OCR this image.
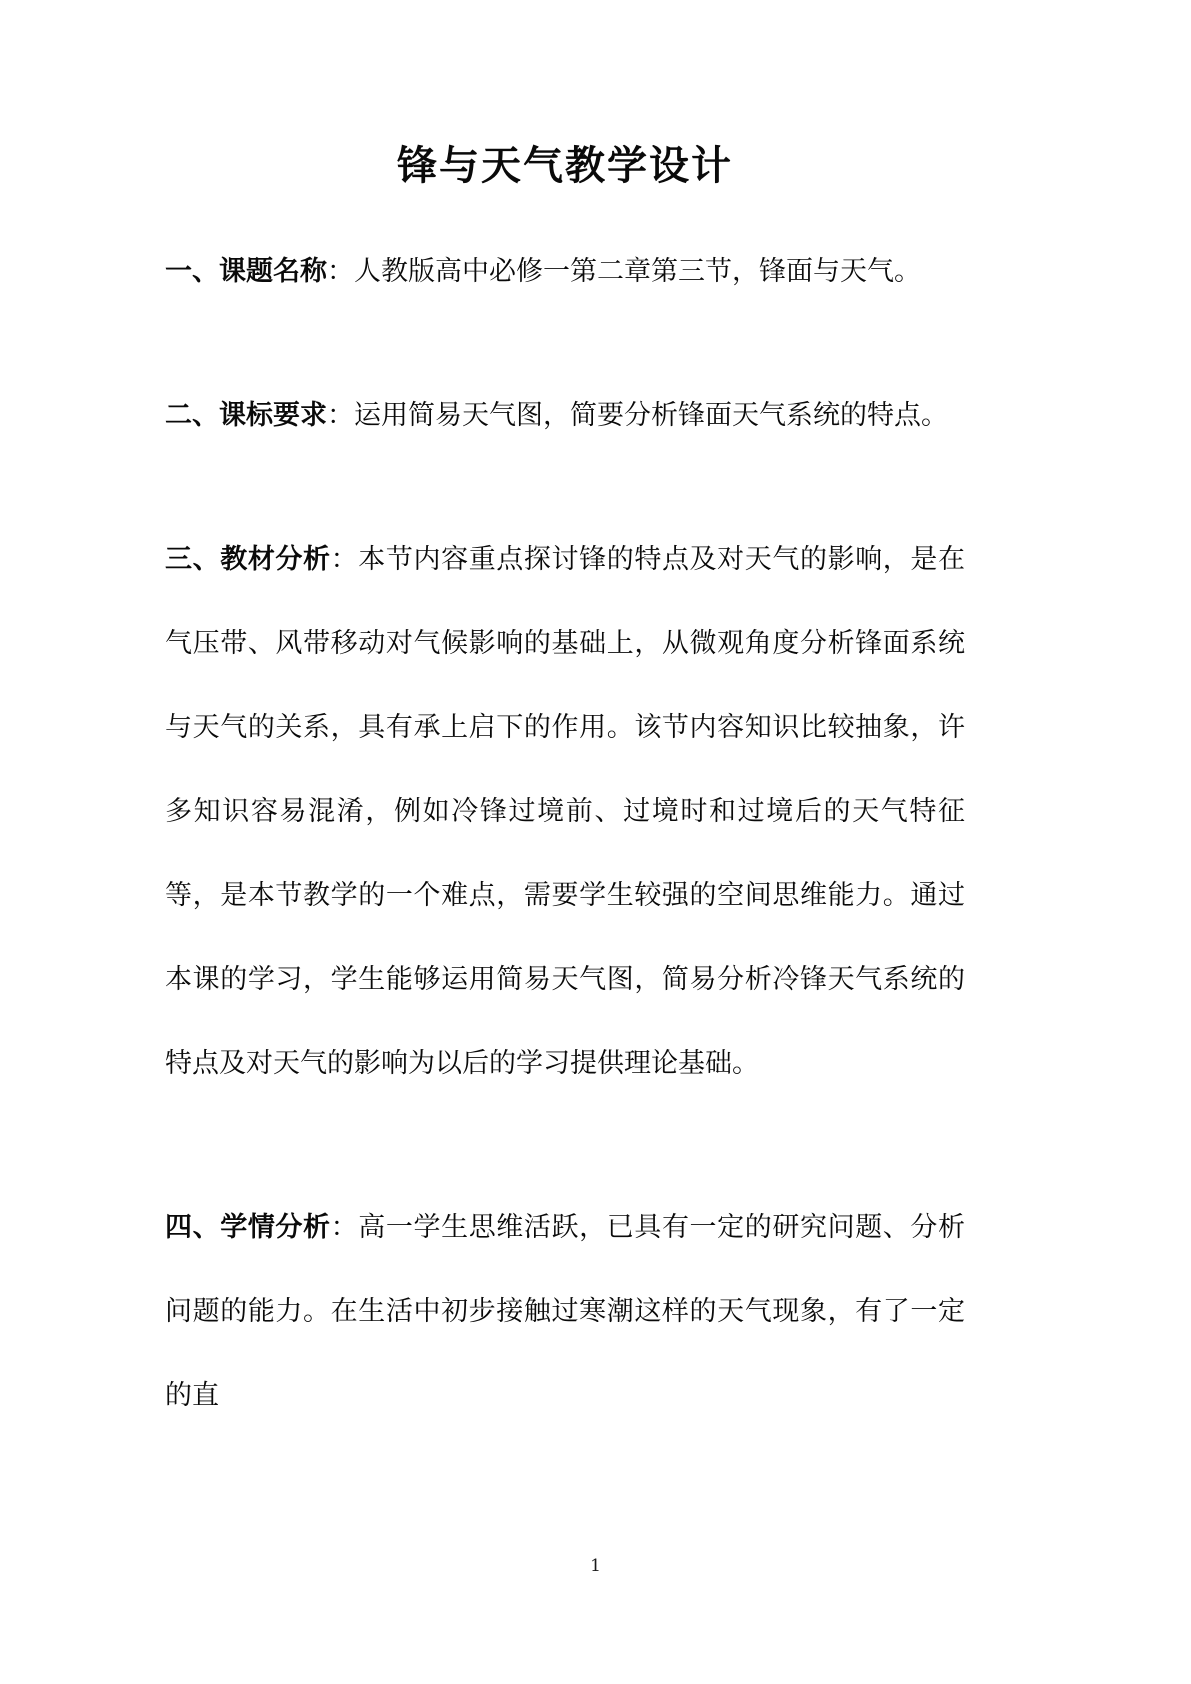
锋与天气教学设计

一、课题名称：人教版高中必修一第二章第三节，锋面与天气。

二、课标要求：运用简易天气图，简要分析锋面天气系统的特点。

三、教材分析：本节内容重点探讨锋的特点及对天气的影响，是在气压带、风带移动对气候影响的基础上，从微观角度分析锋面系统与天气的关系，具有承上启下的作用。该节内容知识比较抽象，许多知识容易混淆，例如冷锋过境前、过境时和过境后的天气特征等，是本节教学的一个难点，需要学生较强的空间思维能力。通过本课的学习，学生能够运用简易天气图，简易分析冷锋天气系统的特点及对天气的影响为以后的学习提供理论基础。

四、学情分析：高一学生思维活跃，已具有一定的研究问题、分析问题的能力。在生活中初步接触过寒潮这样的天气现象，有了一定的直

1
